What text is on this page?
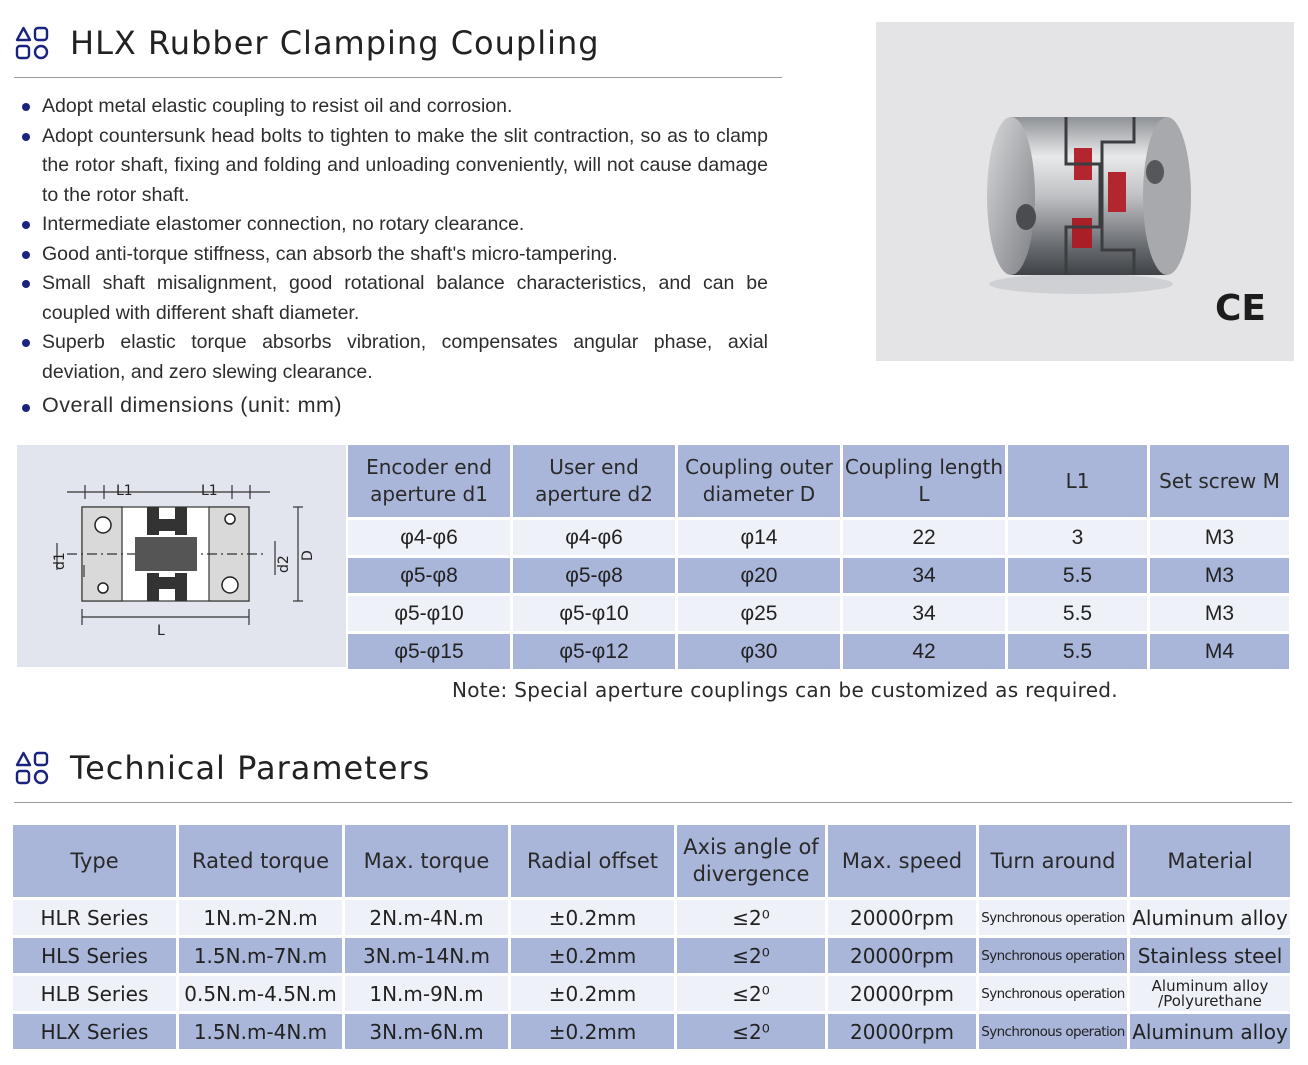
HLX Rubber Clamping Coupling
Adopt metal elastic coupling to resist oil and corrosion.
Adopt countersunk head bolts to tighten to make the slit contraction, so as to clamp the rotor shaft, fixing and folding and unloading conveniently, will not cause damage to the rotor shaft.
Intermediate elastomer connection, no rotary clearance.
Good anti-torque stiffness, can absorb the shaft's micro-tampering.
Small shaft misalignment, good rotational balance characteristics, and can be coupled with different shaft diameter.
Superb elastic torque absorbs vibration, compensates angular phase, axial deviation, and zero slewing clearance.
Overall dimensions (unit: mm)
CE
L1	L1
L
d1	d2 D
Encoder end aperture d1	User end aperture d2	Coupling outer diameter D	Coupling length L	L1	Set screw M
φ4-φ6	φ4-φ6	φ14	22	3	M3
φ5-φ8	φ5-φ8	φ20	34	5.5	M3
φ5-φ10	φ5-φ10	φ25	34	5.5	M3
φ5-φ15	φ5-φ12	φ30	42	5.5	M4
Note: Special aperture couplings can be customized as required.
Technical Parameters
Type	Rated torque	Max. torque	Radial offset	Axis angle of divergence	Max. speed	Turn around	Material
HLR Series	1N.m-2N.m	2N.m-4N.m	±0.2mm	≤2⁰	20000rpm	Synchronous operation	Aluminum alloy
HLS Series	1.5N.m-7N.m	3N.m-14N.m	±0.2mm	≤2⁰	20000rpm	Synchronous operation	Stainless steel
HLB Series	0.5N.m-4.5N.m	1N.m-9N.m	±0.2mm	≤2⁰	20000rpm	Synchronous operation	Aluminum alloy /Polyurethane
HLX Series	1.5N.m-4N.m	3N.m-6N.m	±0.2mm	≤2⁰	20000rpm	Synchronous operation	Aluminum alloy
